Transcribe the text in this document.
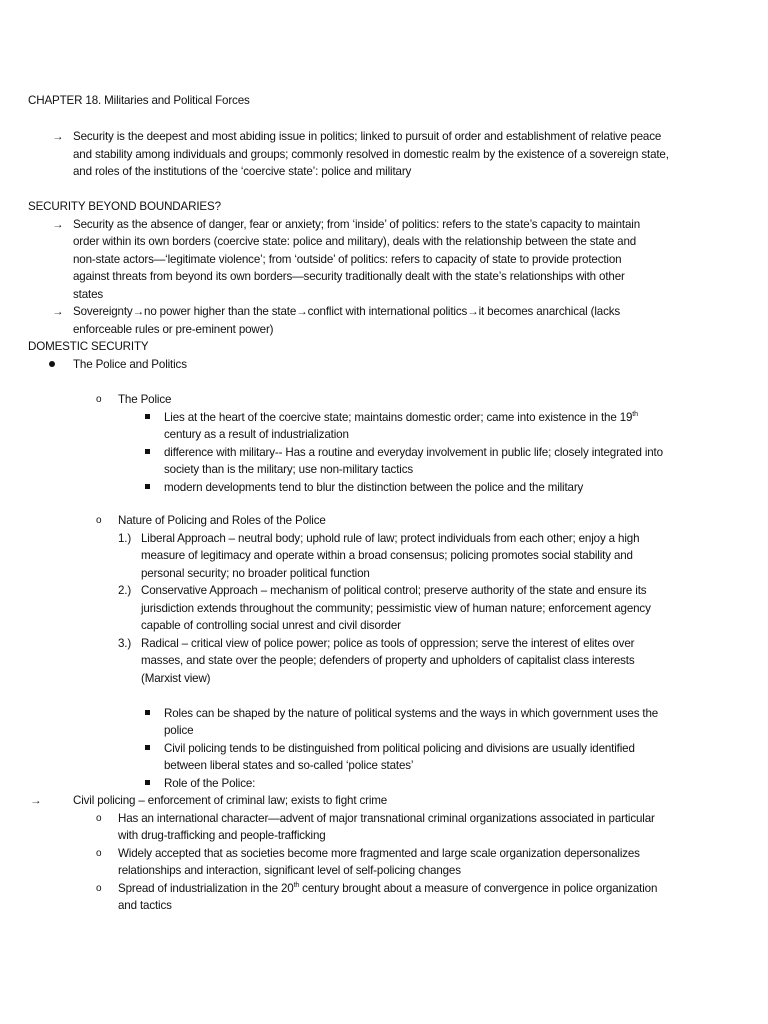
CHAPTER 18. Militaries and Political Forces
→ Security is the deepest and most abiding issue in politics; linked to pursuit of order and establishment of relative peace
and stability among individuals and groups; commonly resolved in domestic realm by the existence of a sovereign state,
and roles of the institutions of the ‘coercive state’: police and military
SECURITY BEYOND BOUNDARIES?
→ Security as the absence of danger, fear or anxiety; from ‘inside’ of politics: refers to the state’s capacity to maintain
order within its own borders (coercive state: police and military), deals with the relationship between the state and
non-state actors—‘legitimate violence’; from ‘outside’ of politics: refers to capacity of state to provide protection
against threats from beyond its own borders—security traditionally dealt with the state’s relationships with other
states
→ Sovereignty→no power higher than the state→conflict with international politics→it becomes anarchical (lacks
enforceable rules or pre-eminent power)
DOMESTIC SECURITY
The Police and Politics
o The Police
Lies at the heart of the coercive state; maintains domestic order; came into existence in the 19th
century as a result of industrialization
difference with military-- Has a routine and everyday involvement in public life; closely integrated into
society than is the military; use non-military tactics
modern developments tend to blur the distinction between the police and the military
o Nature of Policing and Roles of the Police
1.) Liberal Approach – neutral body; uphold rule of law; protect individuals from each other; enjoy a high
measure of legitimacy and operate within a broad consensus; policing promotes social stability and
personal security; no broader political function
2.) Conservative Approach – mechanism of political control; preserve authority of the state and ensure its
jurisdiction extends throughout the community; pessimistic view of human nature; enforcement agency
capable of controlling social unrest and civil disorder
3.) Radical – critical view of police power; police as tools of oppression; serve the interest of elites over
masses, and state over the people; defenders of property and upholders of capitalist class interests
(Marxist view)
Roles can be shaped by the nature of political systems and the ways in which government uses the
police
Civil policing tends to be distinguished from political policing and divisions are usually identified
between liberal states and so-called ‘police states’
Role of the Police:
→	Civil policing – enforcement of criminal law; exists to fight crime
o Has an international character—advent of major transnational criminal organizations associated in particular
with drug-trafficking and people-trafficking
o Widely accepted that as societies become more fragmented and large scale organization depersonalizes
relationships and interaction, significant level of self-policing changes
o Spread of industrialization in the 20th century brought about a measure of convergence in police organization
and tactics
